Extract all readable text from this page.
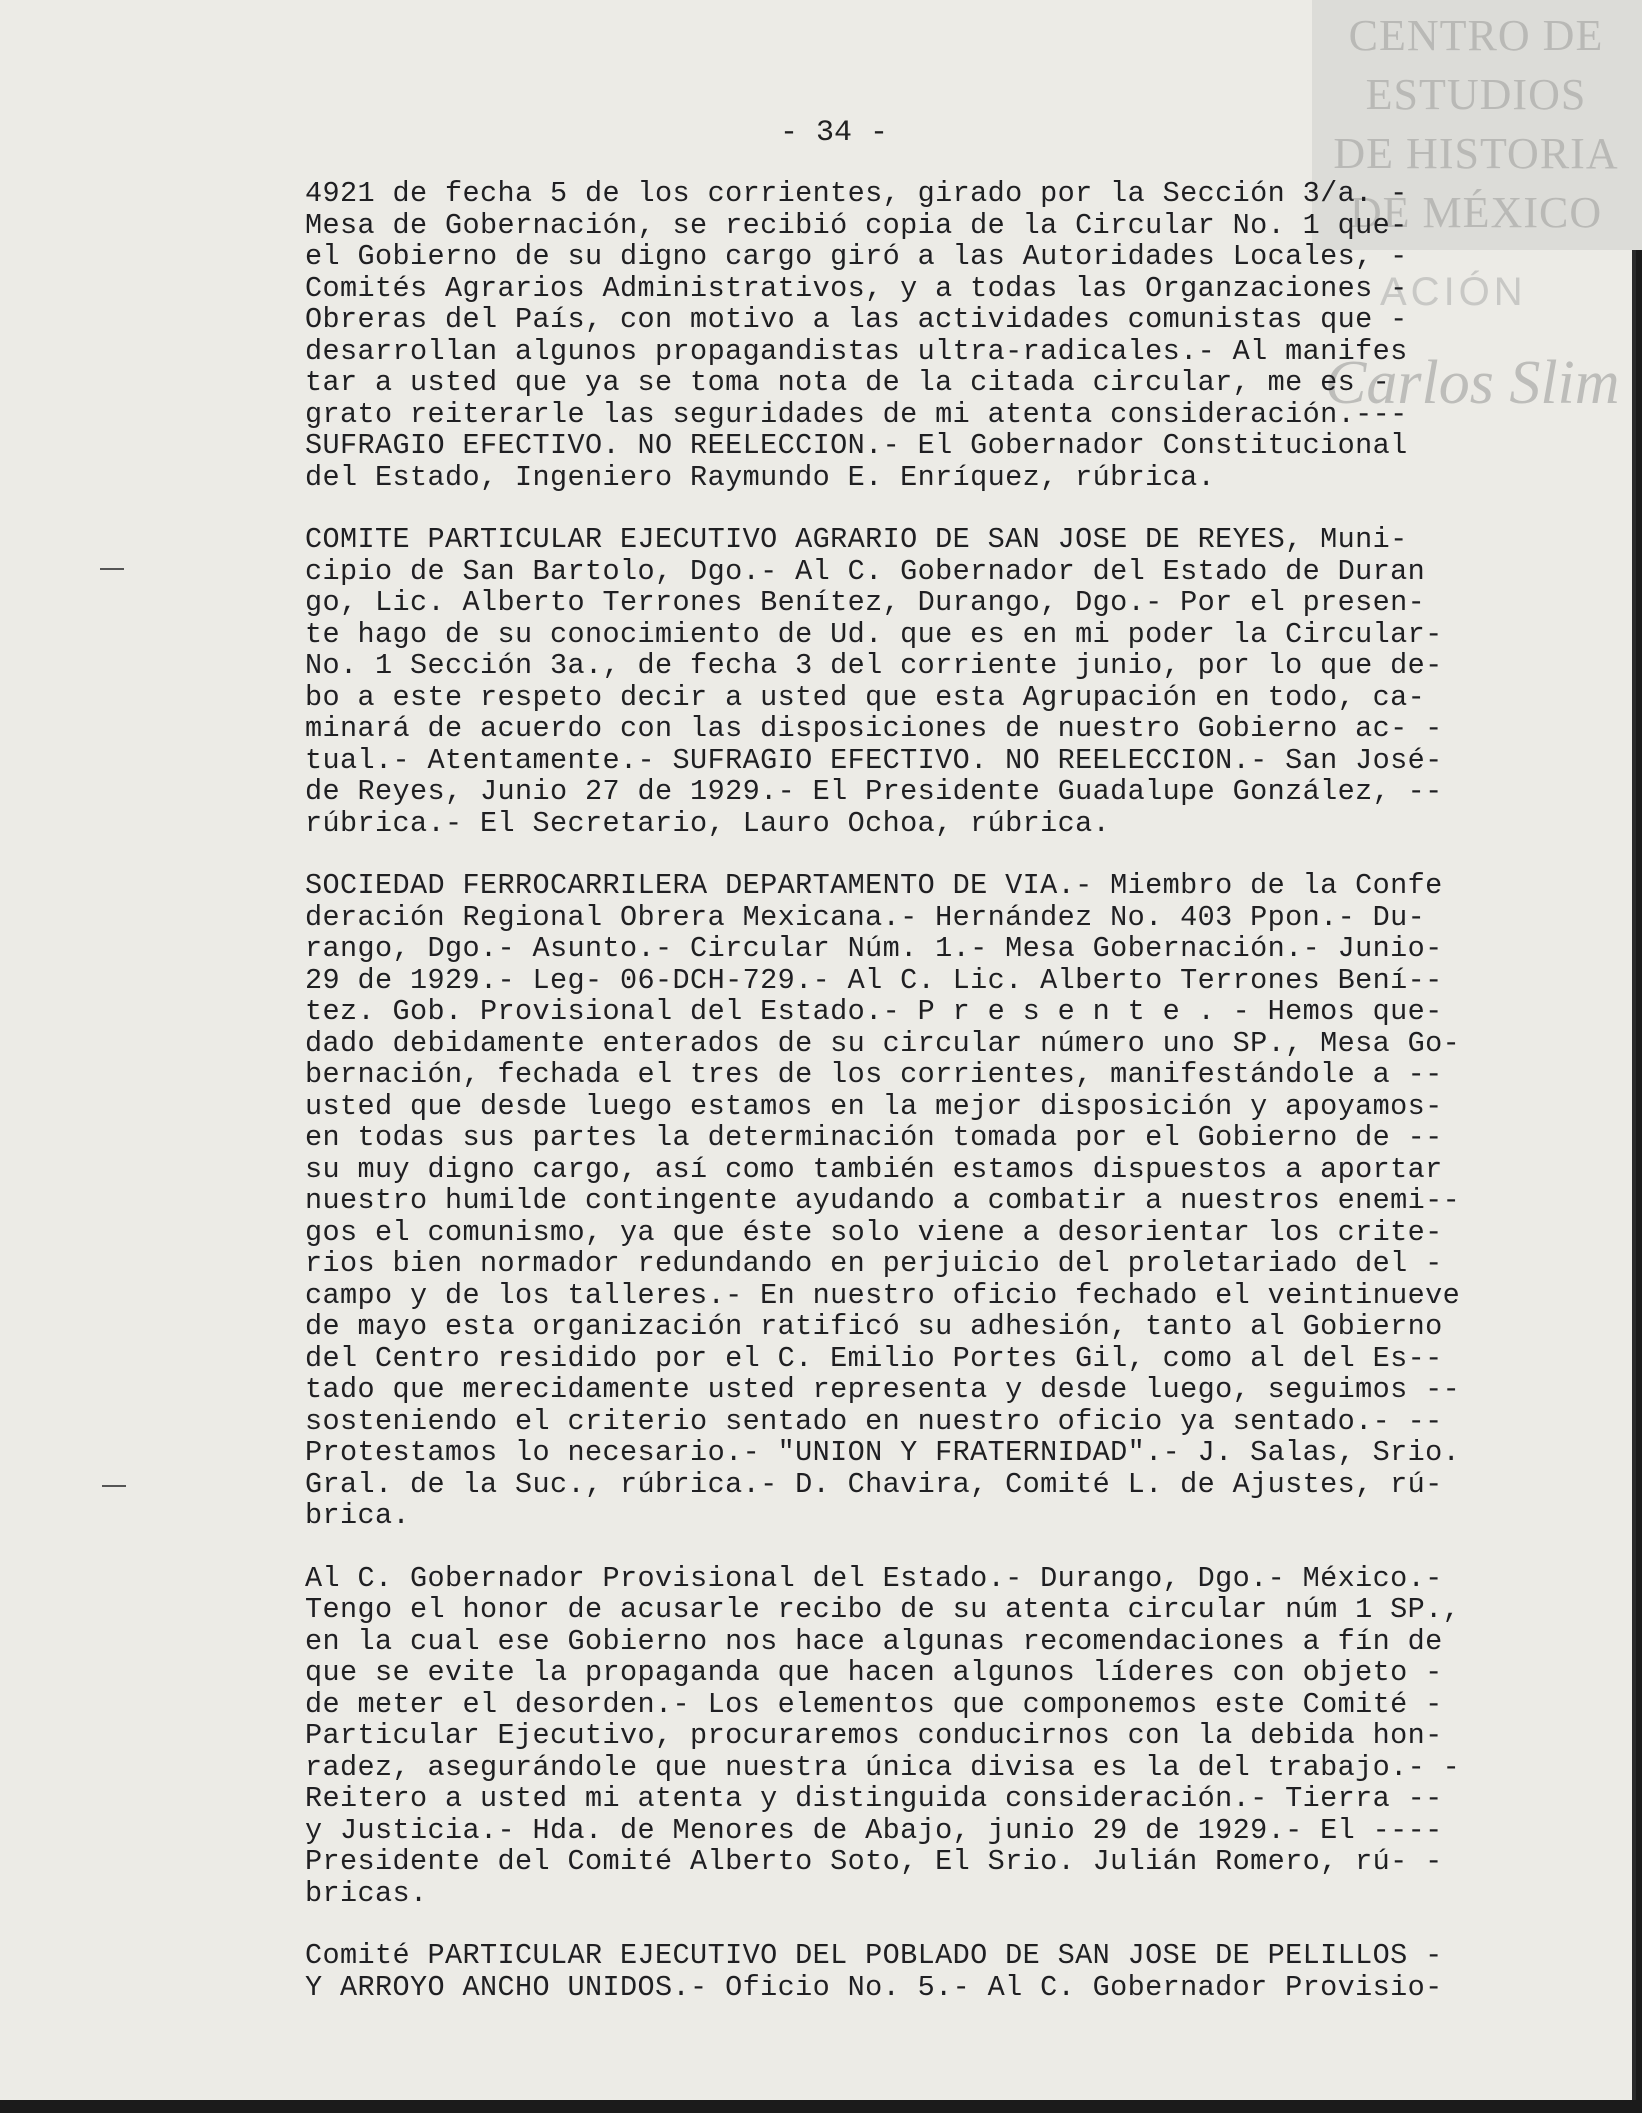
CENTRO DE
ESTUDIOS
DE HISTORIA
DE MÉXICO
ACIÓN
Carlos Slim
- 34 -
4921 de fecha 5 de los corrientes, girado por la Sección 3/a. -
Mesa de Gobernación, se recibió copia de la Circular No. 1 que-
el Gobierno de su digno cargo giró a las Autoridades Locales, -
Comités Agrarios Administrativos, y a todas las Organzaciones -
Obreras del País, con motivo a las actividades comunistas que -
desarrollan algunos propagandistas ultra-radicales.- Al manifes
tar a usted que ya se toma nota de la citada circular, me es -
grato reiterarle las seguridades de mi atenta consideración.---
SUFRAGIO EFECTIVO. NO REELECCION.- El Gobernador Constitucional
del Estado, Ingeniero Raymundo E. Enríquez, rúbrica.
COMITE PARTICULAR EJECUTIVO AGRARIO DE SAN JOSE DE REYES, Muni-
cipio de San Bartolo, Dgo.- Al C. Gobernador del Estado de Duran
go, Lic. Alberto Terrones Benítez, Durango, Dgo.- Por el presen-
te hago de su conocimiento de Ud. que es en mi poder la Circular-
No. 1 Sección 3a., de fecha 3 del corriente junio, por lo que de-
bo a este respeto decir a usted que esta Agrupación en todo, ca-
minará de acuerdo con las disposiciones de nuestro Gobierno ac- -
tual.- Atentamente.- SUFRAGIO EFECTIVO. NO REELECCION.- San José-
de Reyes, Junio 27 de 1929.- El Presidente Guadalupe González, --
rúbrica.- El Secretario, Lauro Ochoa, rúbrica.
SOCIEDAD FERROCARRILERA DEPARTAMENTO DE VIA.- Miembro de la Confe
deración Regional Obrera Mexicana.- Hernández No. 403 Ppon.- Du-
rango, Dgo.- Asunto.- Circular Núm. 1.- Mesa Gobernación.- Junio-
29 de 1929.- Leg- 06-DCH-729.- Al C. Lic. Alberto Terrones Bení--
tez. Gob. Provisional del Estado.- P r e s e n t e . - Hemos que-
dado debidamente enterados de su circular número uno SP., Mesa Go-
bernación, fechada el tres de los corrientes, manifestándole a --
usted que desde luego estamos en la mejor disposición y apoyamos-
en todas sus partes la determinación tomada por el Gobierno de --
su muy digno cargo, así como también estamos dispuestos a aportar
nuestro humilde contingente ayudando a combatir a nuestros enemi--
gos el comunismo, ya que éste solo viene a desorientar los crite-
rios bien normador redundando en perjuicio del proletariado del -
campo y de los talleres.- En nuestro oficio fechado el veintinueve
de mayo esta organización ratificó su adhesión, tanto al Gobierno
del Centro residido por el C. Emilio Portes Gil, como al del Es--
tado que merecidamente usted representa y desde luego, seguimos --
sosteniendo el criterio sentado en nuestro oficio ya sentado.- --
Protestamos lo necesario.- "UNION Y FRATERNIDAD".- J. Salas, Srio.
Gral. de la Suc., rúbrica.- D. Chavira, Comité L. de Ajustes, rú-
brica.
Al C. Gobernador Provisional del Estado.- Durango, Dgo.- México.-
Tengo el honor de acusarle recibo de su atenta circular núm 1 SP.,
en la cual ese Gobierno nos hace algunas recomendaciones a fín de
que se evite la propaganda que hacen algunos líderes con objeto -
de meter el desorden.- Los elementos que componemos este Comité -
Particular Ejecutivo, procuraremos conducirnos con la debida hon-
radez, asegurándole que nuestra única divisa es la del trabajo.- -
Reitero a usted mi atenta y distinguida consideración.- Tierra --
y Justicia.- Hda. de Menores de Abajo, junio 29 de 1929.- El ----
Presidente del Comité Alberto Soto, El Srio. Julián Romero, rú- -
bricas.
Comité PARTICULAR EJECUTIVO DEL POBLADO DE SAN JOSE DE PELILLOS -
Y ARROYO ANCHO UNIDOS.- Oficio No. 5.- Al C. Gobernador Provisio-
